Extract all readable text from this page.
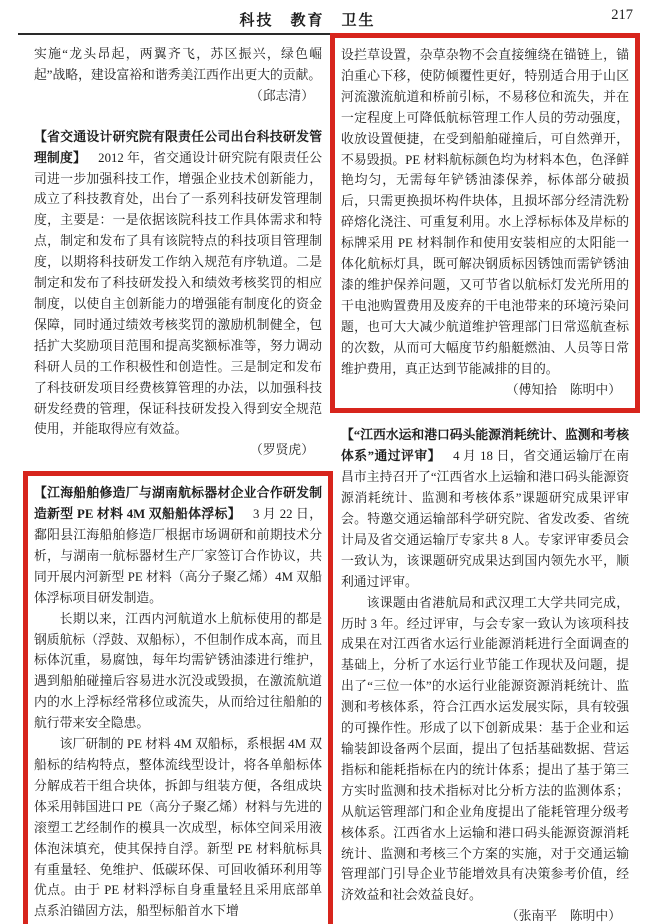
科技　教育　卫生	217

实施“龙头昂起，两翼齐飞，苏区振兴，绿色崛起”战略，建设富裕和谐秀美江西作出更大的贡献。

（邱志清）

【省交通设计研究院有限责任公司出台科技研发管理制度】 2012 年，省交通设计研究院有限责任公司进一步加强科技工作，增强企业技术创新能力，成立了科技教育处，出台了一系列科技研发管理制度，主要是：一是依据该院科技工作具体需求和特点，制定和发布了具有该院特点的科技项目管理制度，以期将科技研发工作纳入规范有序轨道。二是制定和发布了科技研发投入和绩效考核奖罚的相应制度，以使自主创新能力的增强能有制度化的资金保障，同时通过绩效考核奖罚的激励机制健全，包括扩大奖励项目范围和提高奖额标准等，努力调动科研人员的工作积极性和创造性。三是制定和发布了科技研发项目经费核算管理的办法，以加强科技研发经费的管理，保证科技研发投入得到安全规范使用，并能取得应有效益。

（罗贤虎）

【江海船舶修造厂与湖南航标器材企业合作研发制造新型 PE 材料 4M 双船船体浮标】 3 月 22 日，鄱阳县江海船舶修造厂根据市场调研和前期技术分析，与湖南一航标器材生产厂家签订合作协议，共同开展内河新型 PE 材料（高分子聚乙烯）4M 双船体浮标项目研发制造。

长期以来，江西内河航道水上航标使用的都是钢质航标（浮鼓、双船标），不但制作成本高，而且标体沉重，易腐蚀，每年均需铲锈油漆进行维护，遇到船舶碰撞后容易进水沉没或毁损，在激流航道内的水上浮标经常移位或流失，从而给过往船舶的航行带来安全隐患。

该厂研制的 PE 材料 4M 双船标，系根据 4M 双船标的结构特点，整体流线型设计，将各单船标体分解成若干组合块体，拆卸与组装方便，各组成块体采用韩国进口 PE（高分子聚乙烯）材料与先进的滚塑工艺经制作的模具一次成型，标体空间采用液体泡沫填充，使其保持自浮。新型 PE 材料航标具有重量轻、免维护、低碳环保、可回收循环利用等优点。由于 PE 材料浮标自身重量轻且采用底部单点系泊锚固方法，船型标船首水下增

设拦草设置，杂草杂物不会直接缠绕在锚链上，锚泊重心下移，使防倾覆性更好，特别适合用于山区河流激流航道和桥前引标，不易移位和流失，并在一定程度上可降低航标管理工作人员的劳动强度，收放设置便捷，在受到船舶碰撞后，可自然弹开，不易毁损。PE 材料航标颜色均为材料本色，色泽鲜艳均匀，无需每年铲锈油漆保养，标体部分破损后，只需更换损坏构件块体，且损坏部分经清洗粉碎熔化浇注、可重复利用。水上浮标标体及岸标的标牌采用 PE 材料制作和使用安装相应的太阳能一体化航标灯具，既可解决钢质标因锈蚀而需铲锈油漆的维护保养问题，又可节省以航标灯发光所用的干电池购置费用及废弃的干电池带来的环境污染问题，也可大大减少航道维护管理部门日常巡航查标的次数，从而可大幅度节约船艇燃油、人员等日常维护费用，真正达到节能减排的目的。

（傅知拾　陈明中）

【“江西水运和港口码头能源消耗统计、监测和考核体系”通过评审】 4 月 18 日，省交通运输厅在南昌市主持召开了“江西省水上运输和港口码头能源资源消耗统计、监测和考核体系”课题研究成果评审会。特邀交通运输部科学研究院、省发改委、省统计局及省交通运输厅专家共 8 人。专家评审委员会一致认为，该课题研究成果达到国内领先水平，顺利通过评审。

该课题由省港航局和武汉理工大学共同完成，历时 3 年。经过评审，与会专家一致认为该项科技成果在对江西省水运行业能源消耗进行全面调查的基础上，分析了水运行业节能工作现状及问题，提出了“三位一体”的水运行业能源资源消耗统计、监测和考核体系，符合江西水运发展实际，具有较强的可操作性。形成了以下创新成果：基于企业和运输装卸设备两个层面，提出了包括基础数据、营运指标和能耗指标在内的统计体系；提出了基于第三方实时监测和技术指标对比分析方法的监测体系；从航运管理部门和企业角度提出了能耗管理分级考核体系。江西省水上运输和港口码头能源资源消耗统计、监测和考核三个方案的实施，对于交通运输管理部门引导企业节能增效具有决策参考价值，经济效益和社会效益良好。

（张南平　陈明中）
